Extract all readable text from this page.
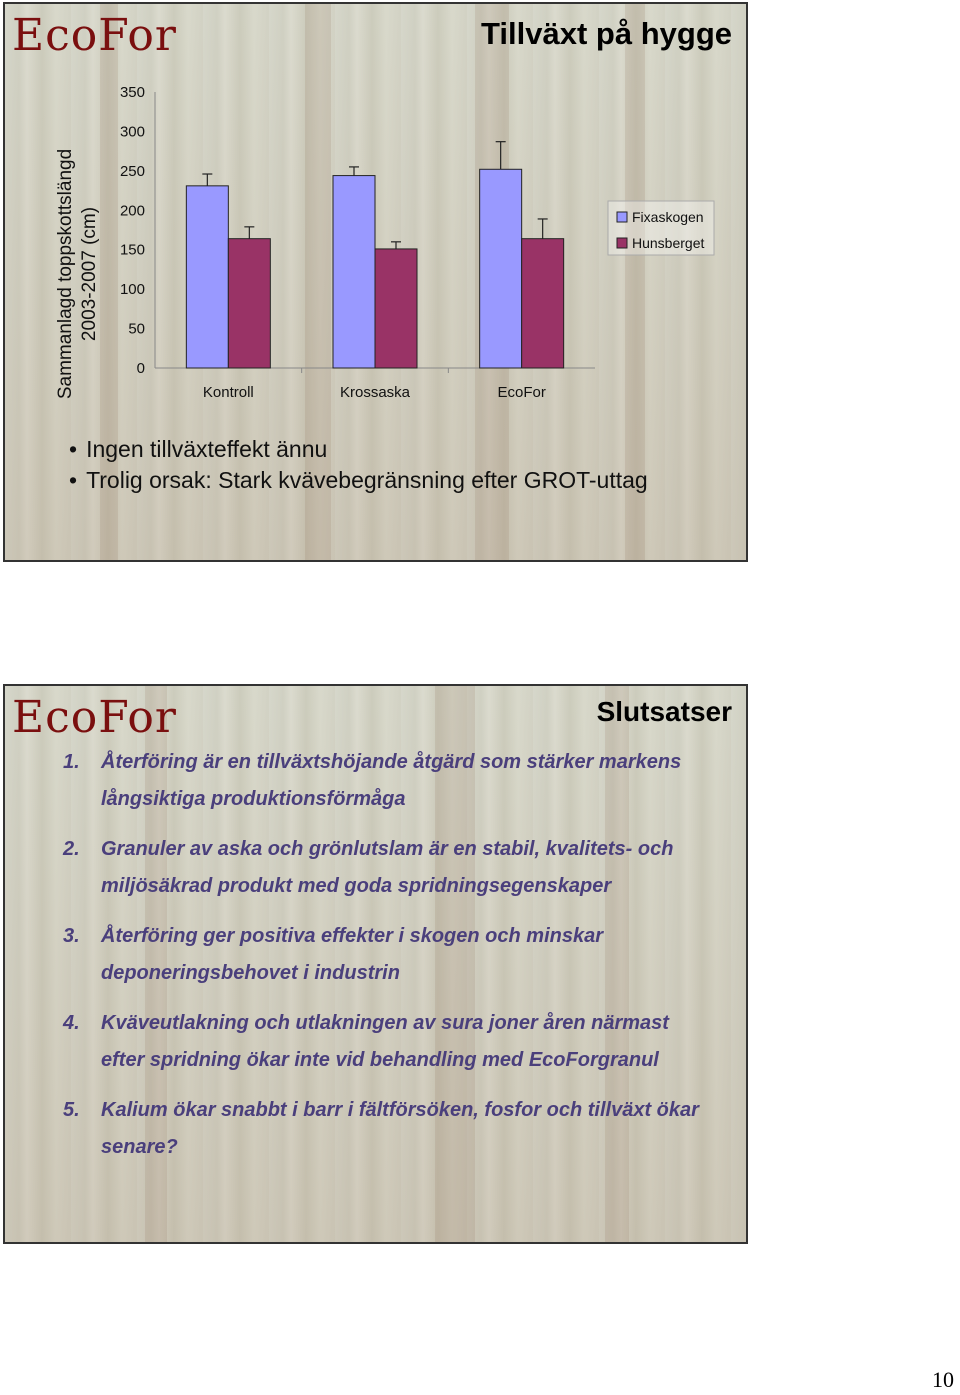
EcoFor	Tillväxt på hygge
Sammanlagd toppskottslängd 2003-2007 (cm)
0
50
100
150
200
250
300
350
Kontroll	Krossaska	EcoFor
Fixaskogen
Hunsberget
• Ingen tillväxteffekt ännu
• Trolig orsak: Stark kvävebegränsning efter GROT-uttag
EcoFor	Slutsatser
1. Återföring är en tillväxtshöjande åtgärd som stärker markens långsiktiga produktionsförmåga
2. Granuler av aska och grönlutslam är en stabil, kvalitets- och miljösäkrad produkt med goda spridningsegenskaper
3. Återföring ger positiva effekter i skogen och minskar deponeringsbehovet i industrin
4. Kväveutlakning och utlakningen av sura joner åren närmast efter spridning ökar inte vid behandling med EcoForgranul
5. Kalium ökar snabbt i barr i fältförsöken, fosfor och tillväxt ökar senare?
10
